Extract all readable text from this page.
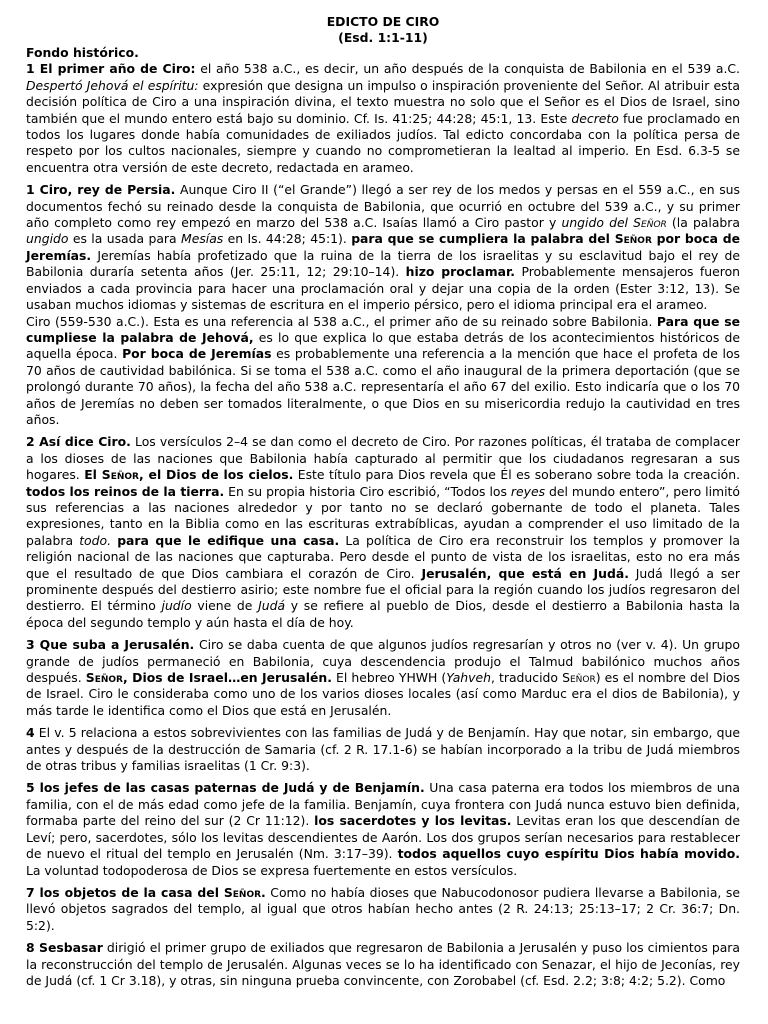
EDICTO DE CIRO
(Esd. 1:1-11)
Fondo histórico.

1 El primer año de Ciro: el año 538 a.C., es decir, un año después de la conquista de Babilonia en el 539 a.C. Despertó Jehová el espíritu: expresión que designa un impulso o inspiración proveniente del Señor. Al atribuir esta decisión política de Ciro a una inspiración divina, el texto muestra no solo que el Señor es el Dios de Israel, sino también que el mundo entero está bajo su dominio. Cf. Is. 41:25; 44:28; 45:1, 13. Este decreto fue proclamado en todos los lugares donde había comunidades de exiliados judíos. Tal edicto concordaba con la política persa de respeto por los cultos nacionales, siempre y cuando no comprometieran la lealtad al imperio. En Esd. 6.3-5 se encuentra otra versión de este decreto, redactada en arameo.

1 Ciro, rey de Persia. Aunque Ciro II (“el Grande”) llegó a ser rey de los medos y persas en el 559 a.C., en sus documentos fechó su reinado desde la conquista de Babilonia, que ocurrió en octubre del 539 a.C., y su primer año completo como rey empezó en marzo del 538 a.C. Isaías llamó a Ciro pastor y ungido del Señor (la palabra ungido es la usada para Mesías en Is. 44:28; 45:1). para que se cumpliera la palabra del Señor por boca de Jeremías. Jeremías había profetizado que la ruina de la tierra de los israelitas y su esclavitud bajo el rey de Babilonia duraría setenta años (Jer. 25:11, 12; 29:10–14). hizo proclamar. Probablemente mensajeros fueron enviados a cada provincia para hacer una proclamación oral y dejar una copia de la orden (Ester 3:12, 13). Se usaban muchos idiomas y sistemas de escritura en el imperio pérsico, pero el idioma principal era el arameo.

Ciro (559-530 a.C.). Esta es una referencia al 538 a.C., el primer año de su reinado sobre Babilonia. Para que se cumpliese la palabra de Jehová, es lo que explica lo que estaba detrás de los acontecimientos históricos de aquella época. Por boca de Jeremías es probablemente una referencia a la mención que hace el profeta de los 70 años de cautividad babilónica. Si se toma el 538 a.C. como el año inaugural de la primera deportación (que se prolongó durante 70 años), la fecha del año 538 a.C. representaría el año 67 del exilio. Esto indicaría que o los 70 años de Jeremías no deben ser tomados literalmente, o que Dios en su misericordia redujo la cautividad en tres años.

2 Así dice Ciro. Los versículos 2–4 se dan como el decreto de Ciro. Por razones políticas, él trataba de complacer a los dioses de las naciones que Babilonia había capturado al permitir que los ciudadanos regresaran a sus hogares. El Señor, el Dios de los cielos. Este título para Dios revela que Él es soberano sobre toda la creación. todos los reinos de la tierra. En su propia historia Ciro escribió, “Todos los reyes del mundo entero”, pero limitó sus referencias a las naciones alrededor y por tanto no se declaró gobernante de todo el planeta. Tales expresiones, tanto en la Biblia como en las escrituras extrabíblicas, ayudan a comprender el uso limitado de la palabra todo. para que le edifique una casa. La política de Ciro era reconstruir los templos y promover la religión nacional de las naciones que capturaba. Pero desde el punto de vista de los israelitas, esto no era más que el resultado de que Dios cambiara el corazón de Ciro. Jerusalén, que está en Judá. Judá llegó a ser prominente después del destierro asirio; este nombre fue el oficial para la región cuando los judíos regresaron del destierro. El término judío viene de Judá y se refiere al pueblo de Dios, desde el destierro a Babilonia hasta la época del segundo templo y aún hasta el día de hoy.

3 Que suba a Jerusalén. Ciro se daba cuenta de que algunos judíos regresarían y otros no (ver v. 4). Un grupo grande de judíos permaneció en Babilonia, cuya descendencia produjo el Talmud babilónico muchos años después. Señor, Dios de Israel…en Jerusalén. El hebreo YHWH (Yahveh, traducido Señor) es el nombre del Dios de Israel. Ciro le consideraba como uno de los varios dioses locales (así como Marduc era el dios de Babilonia), y más tarde le identifica como el Dios que está en Jerusalén.

4 El v. 5 relaciona a estos sobrevivientes con las familias de Judá y de Benjamín. Hay que notar, sin embargo, que antes y después de la destrucción de Samaria (cf. 2 R. 17.1-6) se habían incorporado a la tribu de Judá miembros de otras tribus y familias israelitas (1 Cr. 9:3).

5 los jefes de las casas paternas de Judá y de Benjamín. Una casa paterna era todos los miembros de una familia, con el de más edad como jefe de la familia. Benjamín, cuya frontera con Judá nunca estuvo bien definida, formaba parte del reino del sur (2 Cr 11:12). los sacerdotes y los levitas. Levitas eran los que descendían de Leví; pero, sacerdotes, sólo los levitas descendientes de Aarón. Los dos grupos serían necesarios para restablecer de nuevo el ritual del templo en Jerusalén (Nm. 3:17–39). todos aquellos cuyo espíritu Dios había movido. La voluntad todopoderosa de Dios se expresa fuertemente en estos versículos.

7 los objetos de la casa del Señor. Como no había dioses que Nabucodonosor pudiera llevarse a Babilonia, se llevó objetos sagrados del templo, al igual que otros habían hecho antes (2 R. 24:13; 25:13–17; 2 Cr. 36:7; Dn. 5:2).

8 Sesbasar dirigió el primer grupo de exiliados que regresaron de Babilonia a Jerusalén y puso los cimientos para la reconstrucción del templo de Jerusalén. Algunas veces se lo ha identificado con Senazar, el hijo de Jeconías, rey de Judá (cf. 1 Cr 3.18), y otras, sin ninguna prueba convincente, con Zorobabel (cf. Esd. 2.2; 3:8; 4:2; 5.2). Como
